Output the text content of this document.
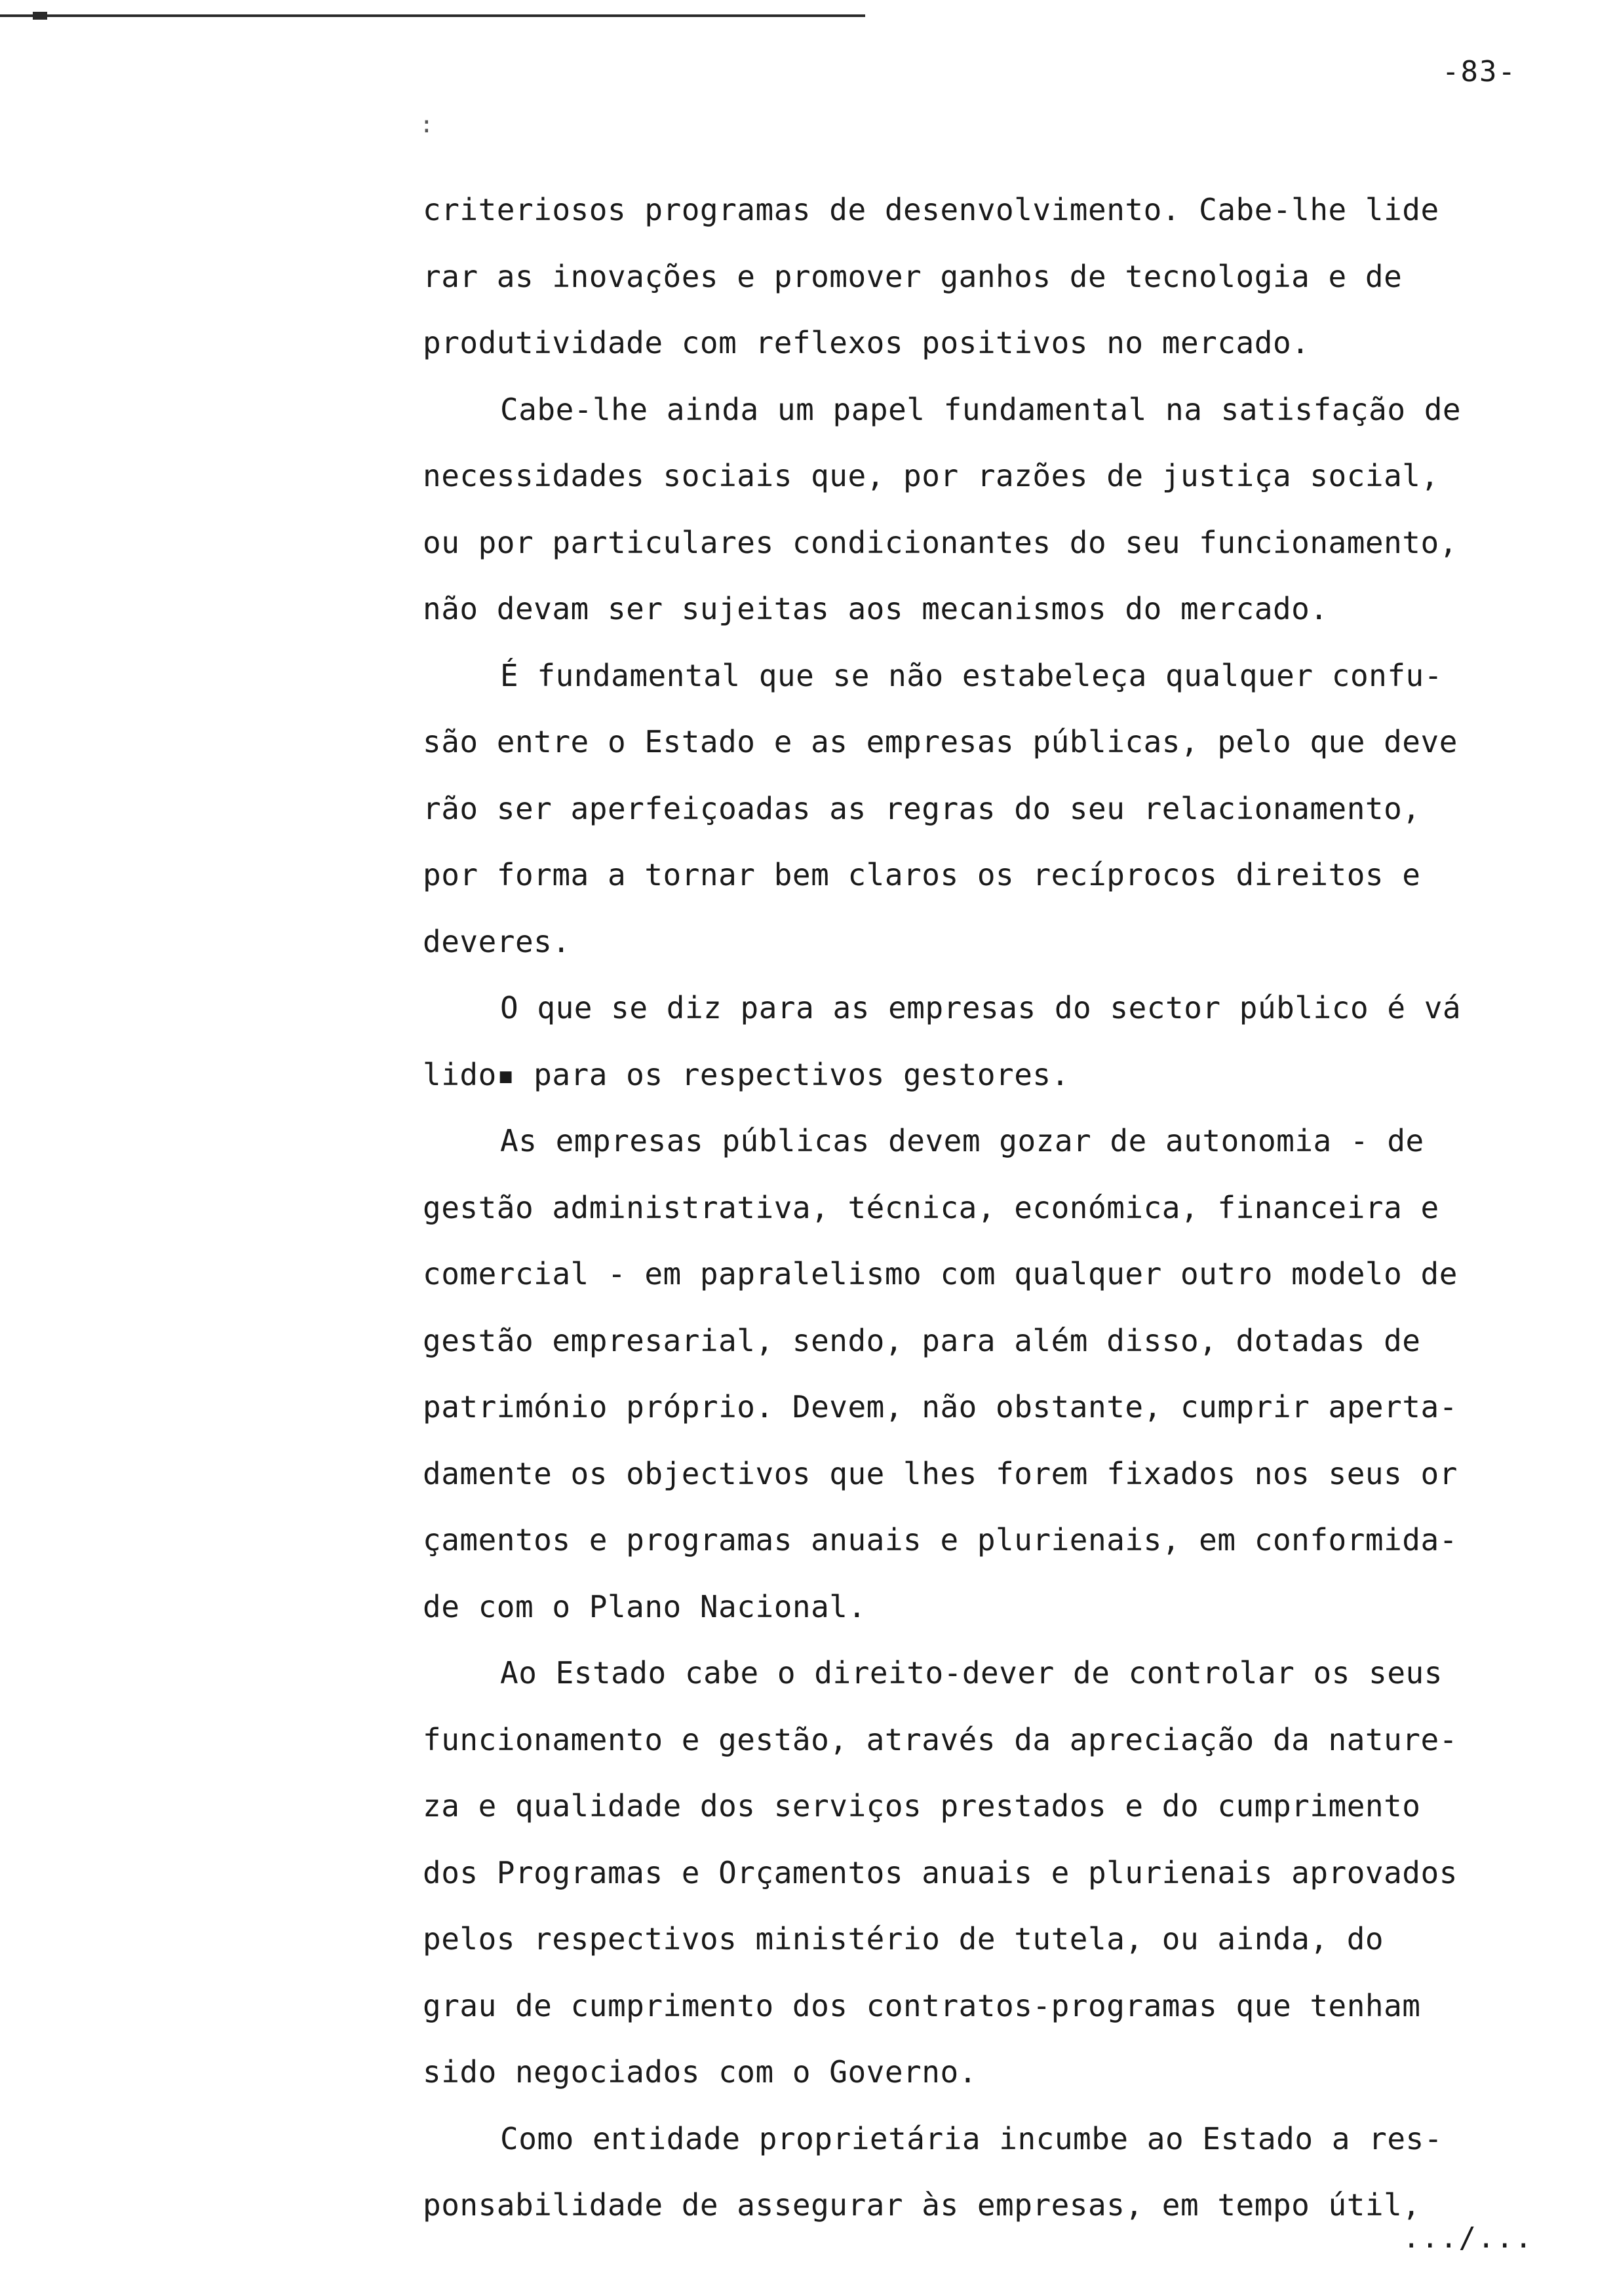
-83-
:
criteriosos programas de desenvolvimento. Cabe-lhe lide
rar as inovações e promover ganhos de tecnologia e de
produtividade com reflexos positivos no mercado.
Cabe-lhe ainda um papel fundamental na satisfação de
necessidades sociais que, por razões de justiça social,
ou por particulares condicionantes do seu funcionamento,
não devam ser sujeitas aos mecanismos do mercado.
É fundamental que se não estabeleça qualquer confu-
são entre o Estado e as empresas públicas, pelo que deve
rão ser aperfeiçoadas as regras do seu relacionamento,
por forma a tornar bem claros os recíprocos direitos e
deveres.
O que se diz para as empresas do sector público é vá
lido▪ para os respectivos gestores.
As empresas públicas devem gozar de autonomia - de
gestão administrativa, técnica, económica, financeira e
comercial - em papralelismo com qualquer outro modelo de
gestão empresarial, sendo, para além disso, dotadas de
património próprio. Devem, não obstante, cumprir aperta-
damente os objectivos que lhes forem fixados nos seus or
çamentos e programas anuais e plurienais, em conformida-
de com o Plano Nacional.
Ao Estado cabe o direito-dever de controlar os seus
funcionamento e gestão, através da apreciação da nature-
za e qualidade dos serviços prestados e do cumprimento
dos Programas e Orçamentos anuais e plurienais aprovados
pelos respectivos ministério de tutela, ou ainda, do
grau de cumprimento dos contratos-programas que tenham
sido negociados com o Governo.
Como entidade proprietária incumbe ao Estado a res-
ponsabilidade de assegurar às empresas, em tempo útil,
.../...
